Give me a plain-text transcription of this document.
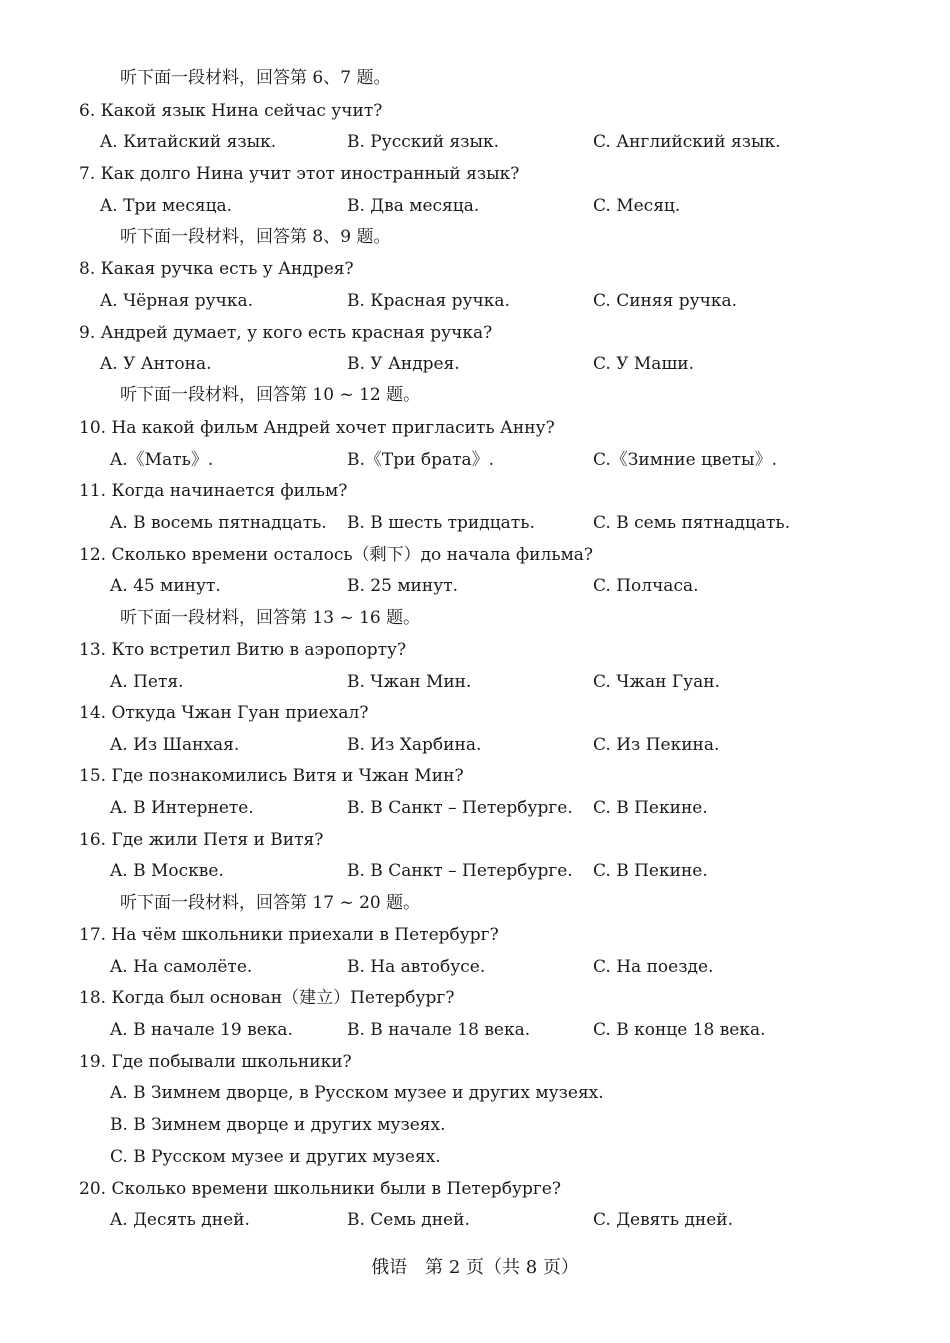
听下面一段材料，回答第 6、7 题。
6. Какой язык Нина сейчас учит?
A. Китайский язык.	B. Русский язык.	C. Английский язык.
7. Как долго Нина учит этот иностранный язык?
A. Три месяца.	B. Два месяца.	C. Месяц.
听下面一段材料，回答第 8、9 题。
8. Какая ручка есть у Андрея?
A. Чёрная ручка.	B. Красная ручка.	C. Синяя ручка.
9. Андрей думает, у кого есть красная ручка?
A. У Антона.	B. У Андрея.	C. У Маши.
听下面一段材料，回答第 10 ~ 12 题。
10. На какой фильм Андрей хочет пригласить Анну?
A.《Мать》.	B.《Три брата》.	C.《Зимние цветы》.
11. Когда начинается фильм?
A. В восемь пятнадцать. B. В шесть тридцать.	C. В семь пятнадцать.
12. Сколько времени осталось（剩下）до начала фильма?
A. 45 минут.	B. 25 минут.	C. Полчаса.
听下面一段材料，回答第 13 ~ 16 题。
13. Кто встретил Витю в аэропорту?
A. Петя.	B. Чжан Мин.	C. Чжан Гуан.
14. Откуда Чжан Гуан приехал?
A. Из Шанхая.	B. Из Харбина.	C. Из Пекина.
15. Где познакомились Витя и Чжан Мин?
A. В Интернете.	B. В Санкт – Петербурге. C. В Пекине.
16. Где жили Петя и Витя?
A. В Москве.	B. В Санкт – Петербурге. C. В Пекине.
听下面一段材料，回答第 17 ~ 20 题。
17. На чём школьники приехали в Петербург?
A. На самолёте.	B. На автобусе.	C. На поезде.
18. Когда был основан（建立）Петербург?
A. В начале 19 века.	B. В начале 18 века.	C. В конце 18 века.
19. Где побывали школьники?
A. В Зимнем дворце, в Русском музее и других музеях.
B. В Зимнем дворце и других музеях.
C. В Русском музее и других музеях.
20. Сколько времени школьники были в Петербурге?
A. Десять дней.	B. Семь дней.	C. Девять дней.
俄语　第 2 页（共 8 页）
